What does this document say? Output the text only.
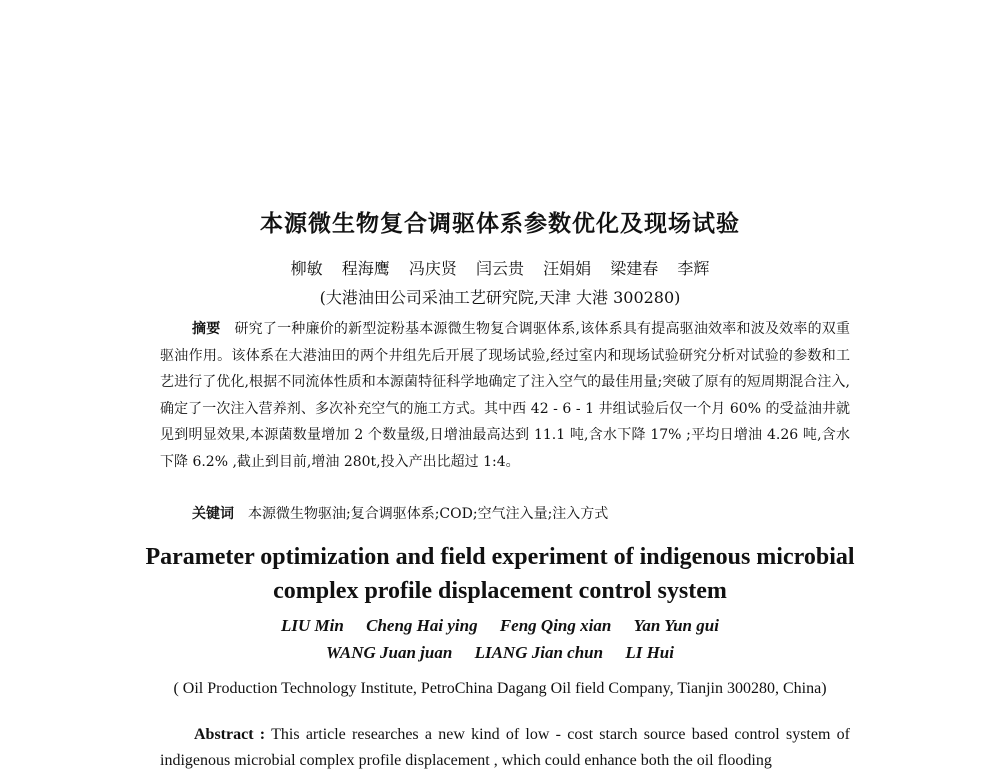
本源微生物复合调驱体系参数优化及现场试验
柳敏 程海鹰 冯庆贤 闫云贵 汪娟娟 梁建春 李辉
(大港油田公司采油工艺研究院,天津 大港 300280)
摘要 研究了一种廉价的新型淀粉基本源微生物复合调驱体系,该体系具有提高驱油效率和波及效率的双重驱油作用。该体系在大港油田的两个井组先后开展了现场试验,经过室内和现场试验研究分析对试验的参数和工艺进行了优化,根据不同流体性质和本源菌特征科学地确定了注入空气的最佳用量;突破了原有的短周期混合注入,确定了一次注入营养剂、多次补充空气的施工方式。其中西 42 - 6 - 1 井组试验后仅一个月 60% 的受益油井就见到明显效果,本源菌数量增加 2 个数量级,日增油最高达到 11.1 吨,含水下降 17% ;平均日增油 4.26 吨,含水下降 6.2% ,截止到目前,增油 280t,投入产出比超过 1:4。
关键词 本源微生物驱油;复合调驱体系;COD;空气注入量;注入方式
Parameter optimization and field experiment of indigenous microbial complex profile displacement control system
LIU Min Cheng Hai ying Feng Qing xian Yan Yun gui
WANG Juan juan LIANG Jian chun LI Hui
( Oil Production Technology Institute, PetroChina Dagang Oil field Company, Tianjin 300280, China)
Abstract : This article researches a new kind of low - cost starch source based control system of indigenous microbial complex profile displacement , which could enhance both the oil flooding
